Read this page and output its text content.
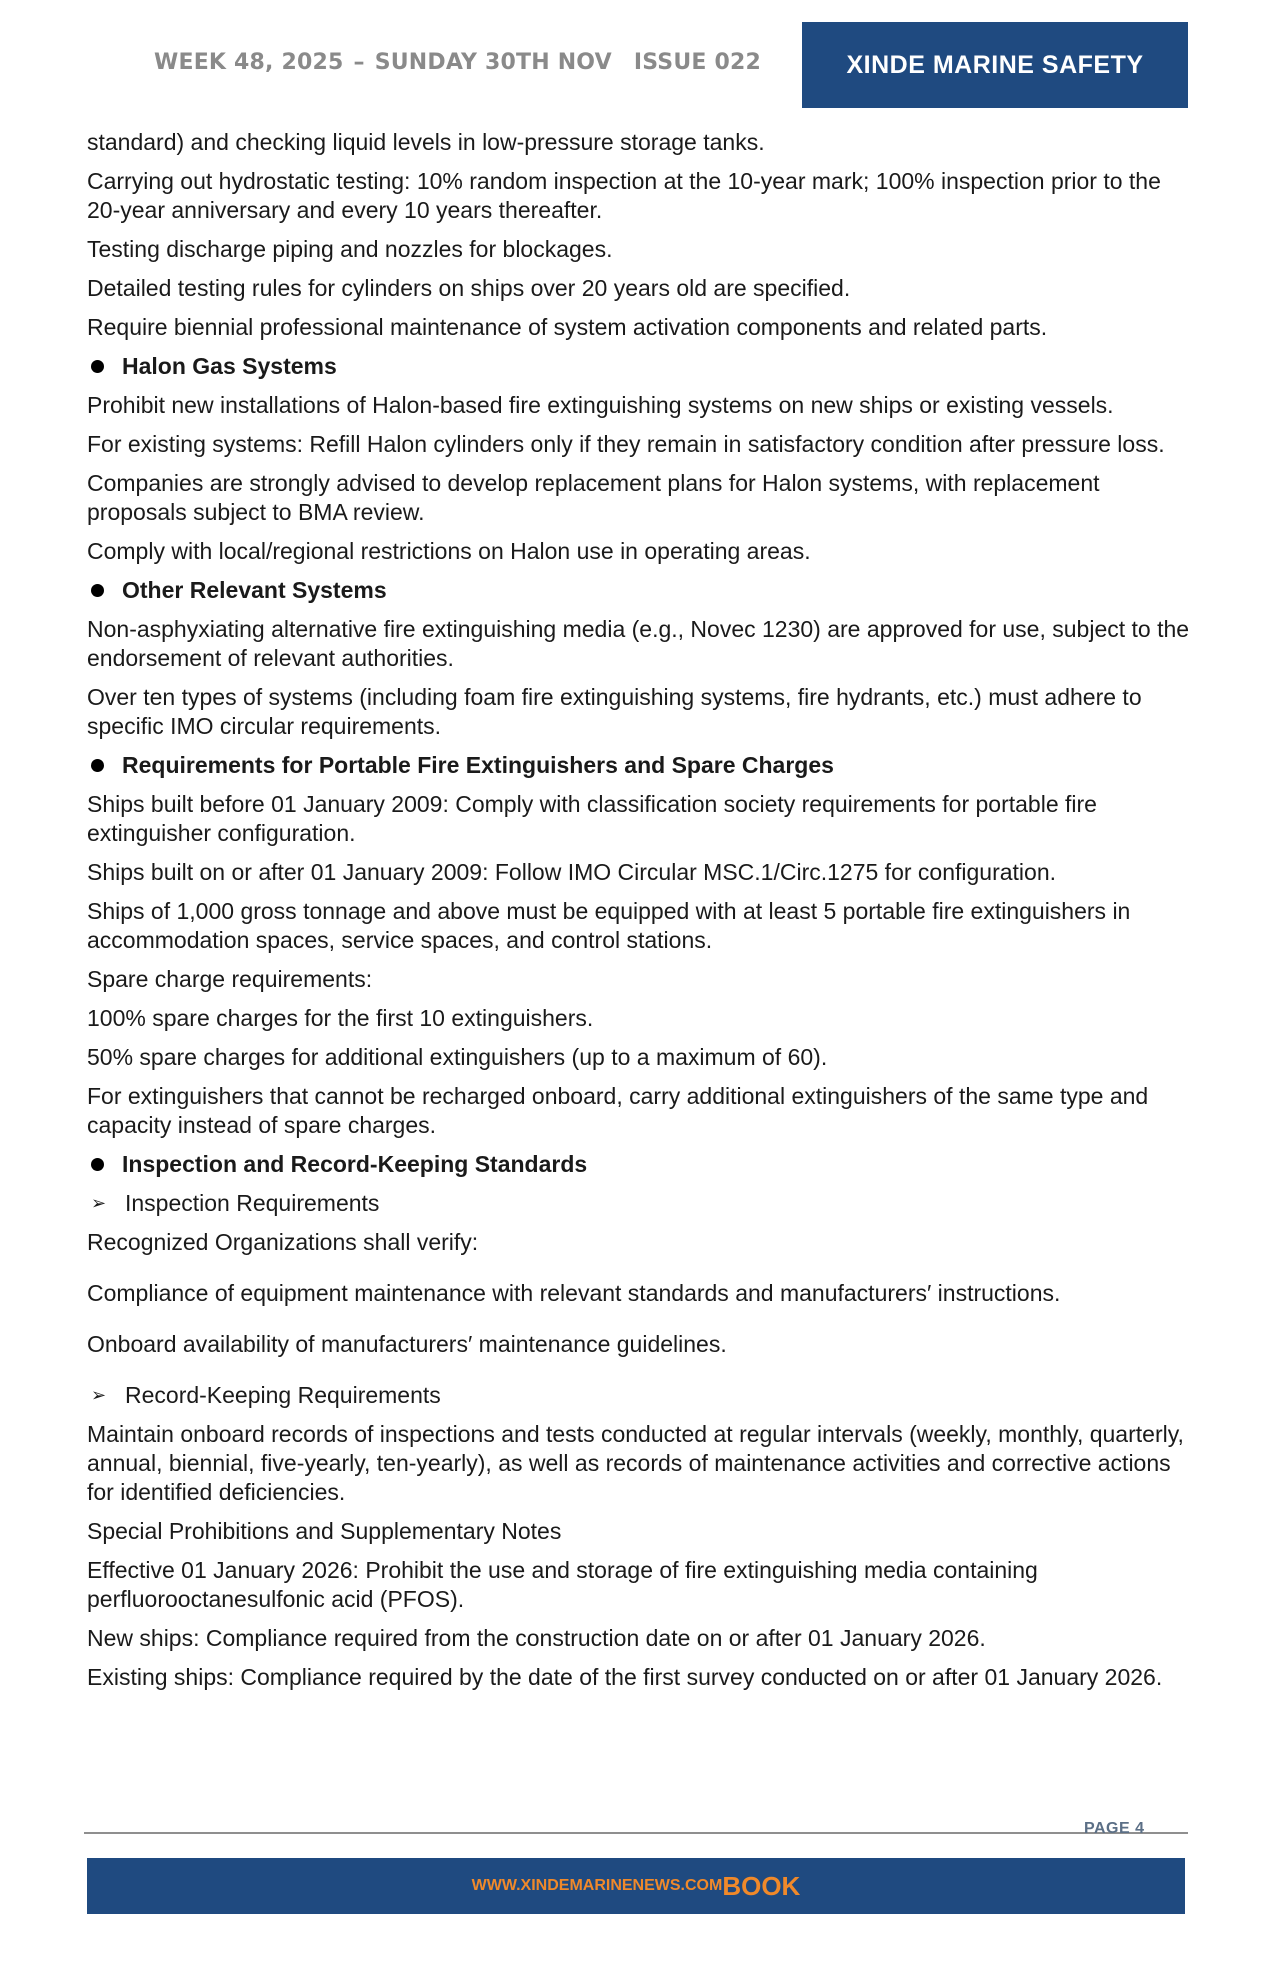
WEEK 48, 2025 – SUNDAY 30TH NOV ISSUE 022	XINDE MARINE SAFETY
standard) and checking liquid levels in low-pressure storage tanks.
Carrying out hydrostatic testing: 10% random inspection at the 10-year mark; 100% inspection prior to the 20-year anniversary and every 10 years thereafter.
Testing discharge piping and nozzles for blockages.
Detailed testing rules for cylinders on ships over 20 years old are specified.
Require biennial professional maintenance of system activation components and related parts.
Halon Gas Systems
Prohibit new installations of Halon-based fire extinguishing systems on new ships or existing vessels.
For existing systems: Refill Halon cylinders only if they remain in satisfactory condition after pressure loss.
Companies are strongly advised to develop replacement plans for Halon systems, with replacement proposals subject to BMA review.
Comply with local/regional restrictions on Halon use in operating areas.
Other Relevant Systems
Non-asphyxiating alternative fire extinguishing media (e.g., Novec 1230) are approved for use, subject to the endorsement of relevant authorities.
Over ten types of systems (including foam fire extinguishing systems, fire hydrants, etc.) must adhere to specific IMO circular requirements.
Requirements for Portable Fire Extinguishers and Spare Charges
Ships built before 01 January 2009: Comply with classification society requirements for portable fire extinguisher configuration.
Ships built on or after 01 January 2009: Follow IMO Circular MSC.1/Circ.1275 for configuration.
Ships of 1,000 gross tonnage and above must be equipped with at least 5 portable fire extinguishers in accommodation spaces, service spaces, and control stations.
Spare charge requirements:
100% spare charges for the first 10 extinguishers.
50% spare charges for additional extinguishers (up to a maximum of 60).
For extinguishers that cannot be recharged onboard, carry additional extinguishers of the same type and capacity instead of spare charges.
Inspection and Record-Keeping Standards
➢ Inspection Requirements
Recognized Organizations shall verify:
Compliance of equipment maintenance with relevant standards and manufacturers′ instructions.
Onboard availability of manufacturers′ maintenance guidelines.
➢ Record-Keeping Requirements
Maintain onboard records of inspections and tests conducted at regular intervals (weekly, monthly, quarterly, annual, biennial, five-yearly, ten-yearly), as well as records of maintenance activities and corrective actions for identified deficiencies.
Special Prohibitions and Supplementary Notes
Effective 01 January 2026: Prohibit the use and storage of fire extinguishing media containing perfluorooctanesulfonic acid (PFOS).
New ships: Compliance required from the construction date on or after 01 January 2026.
Existing ships: Compliance required by the date of the first survey conducted on or after 01 January 2026.
PAGE 4
WWW.XINDEMARINENEWS.COM BOOK
